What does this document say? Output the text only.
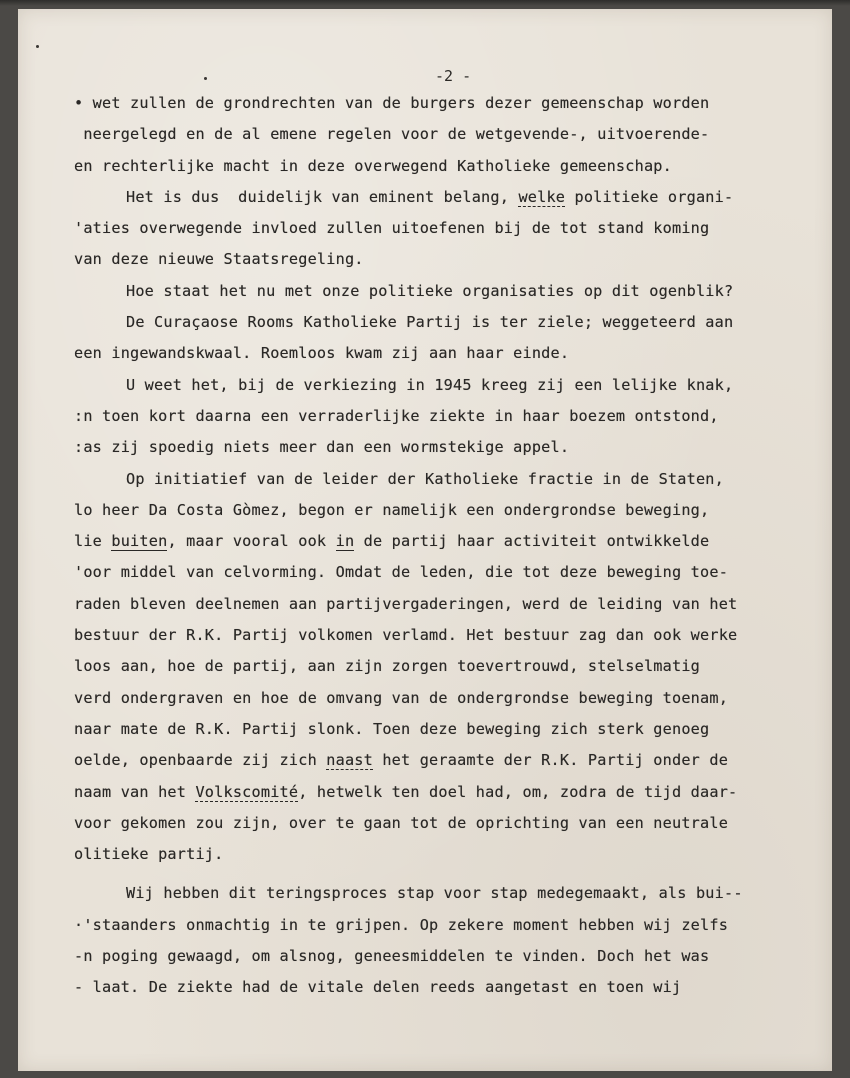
-2 -
• wet zullen de grondrechten van de burgers dezer gemeenschap worden
neergelegd en de al emene regelen voor de wetgevende-, uitvoerende-
en rechterlijke macht in deze overwegend Katholieke gemeenschap.
Het is dus  duidelijk van eminent belang, welke politieke organi-
'aties overwegende invloed zullen uitoefenen bij de tot stand koming
van deze nieuwe Staatsregeling.
Hoe staat het nu met onze politieke organisaties op dit ogenblik?
De Curaçaose Rooms Katholieke Partij is ter ziele; weggeteerd aan
een ingewandskwaal. Roemloos kwam zij aan haar einde.
U weet het, bij de verkiezing in 1945 kreeg zij een lelijke knak,
:n toen kort daarna een verraderlijke ziekte in haar boezem ontstond,
:as zij spoedig niets meer dan een wormstekige appel.
Op initiatief van de leider der Katholieke fractie in de Staten,
lo heer Da Costa Gòmez, begon er namelijk een ondergrondse beweging,
lie buiten, maar vooral ook in de partij haar activiteit ontwikkelde
'oor middel van celvorming. Omdat de leden, die tot deze beweging toe-
raden bleven deelnemen aan partijvergaderingen, werd de leiding van het
bestuur der R.K. Partij volkomen verlamd. Het bestuur zag dan ook werke
loos aan, hoe de partij, aan zijn zorgen toevertrouwd, stelselmatig
verd ondergraven en hoe de omvang van de ondergrondse beweging toenam,
naar mate de R.K. Partij slonk. Toen deze beweging zich sterk genoeg
oelde, openbaarde zij zich naast het geraamte der R.K. Partij onder de
naam van het Volkscomité, hetwelk ten doel had, om, zodra de tijd daar-
voor gekomen zou zijn, over te gaan tot de oprichting van een neutrale
olitieke partij.
Wij hebben dit teringsproces stap voor stap medegemaakt, als bui--
·'staanders onmachtig in te grijpen. Op zekere moment hebben wij zelfs
-n poging gewaagd, om alsnog, geneesmiddelen te vinden. Doch het was
- laat. De ziekte had de vitale delen reeds aangetast en toen wij
